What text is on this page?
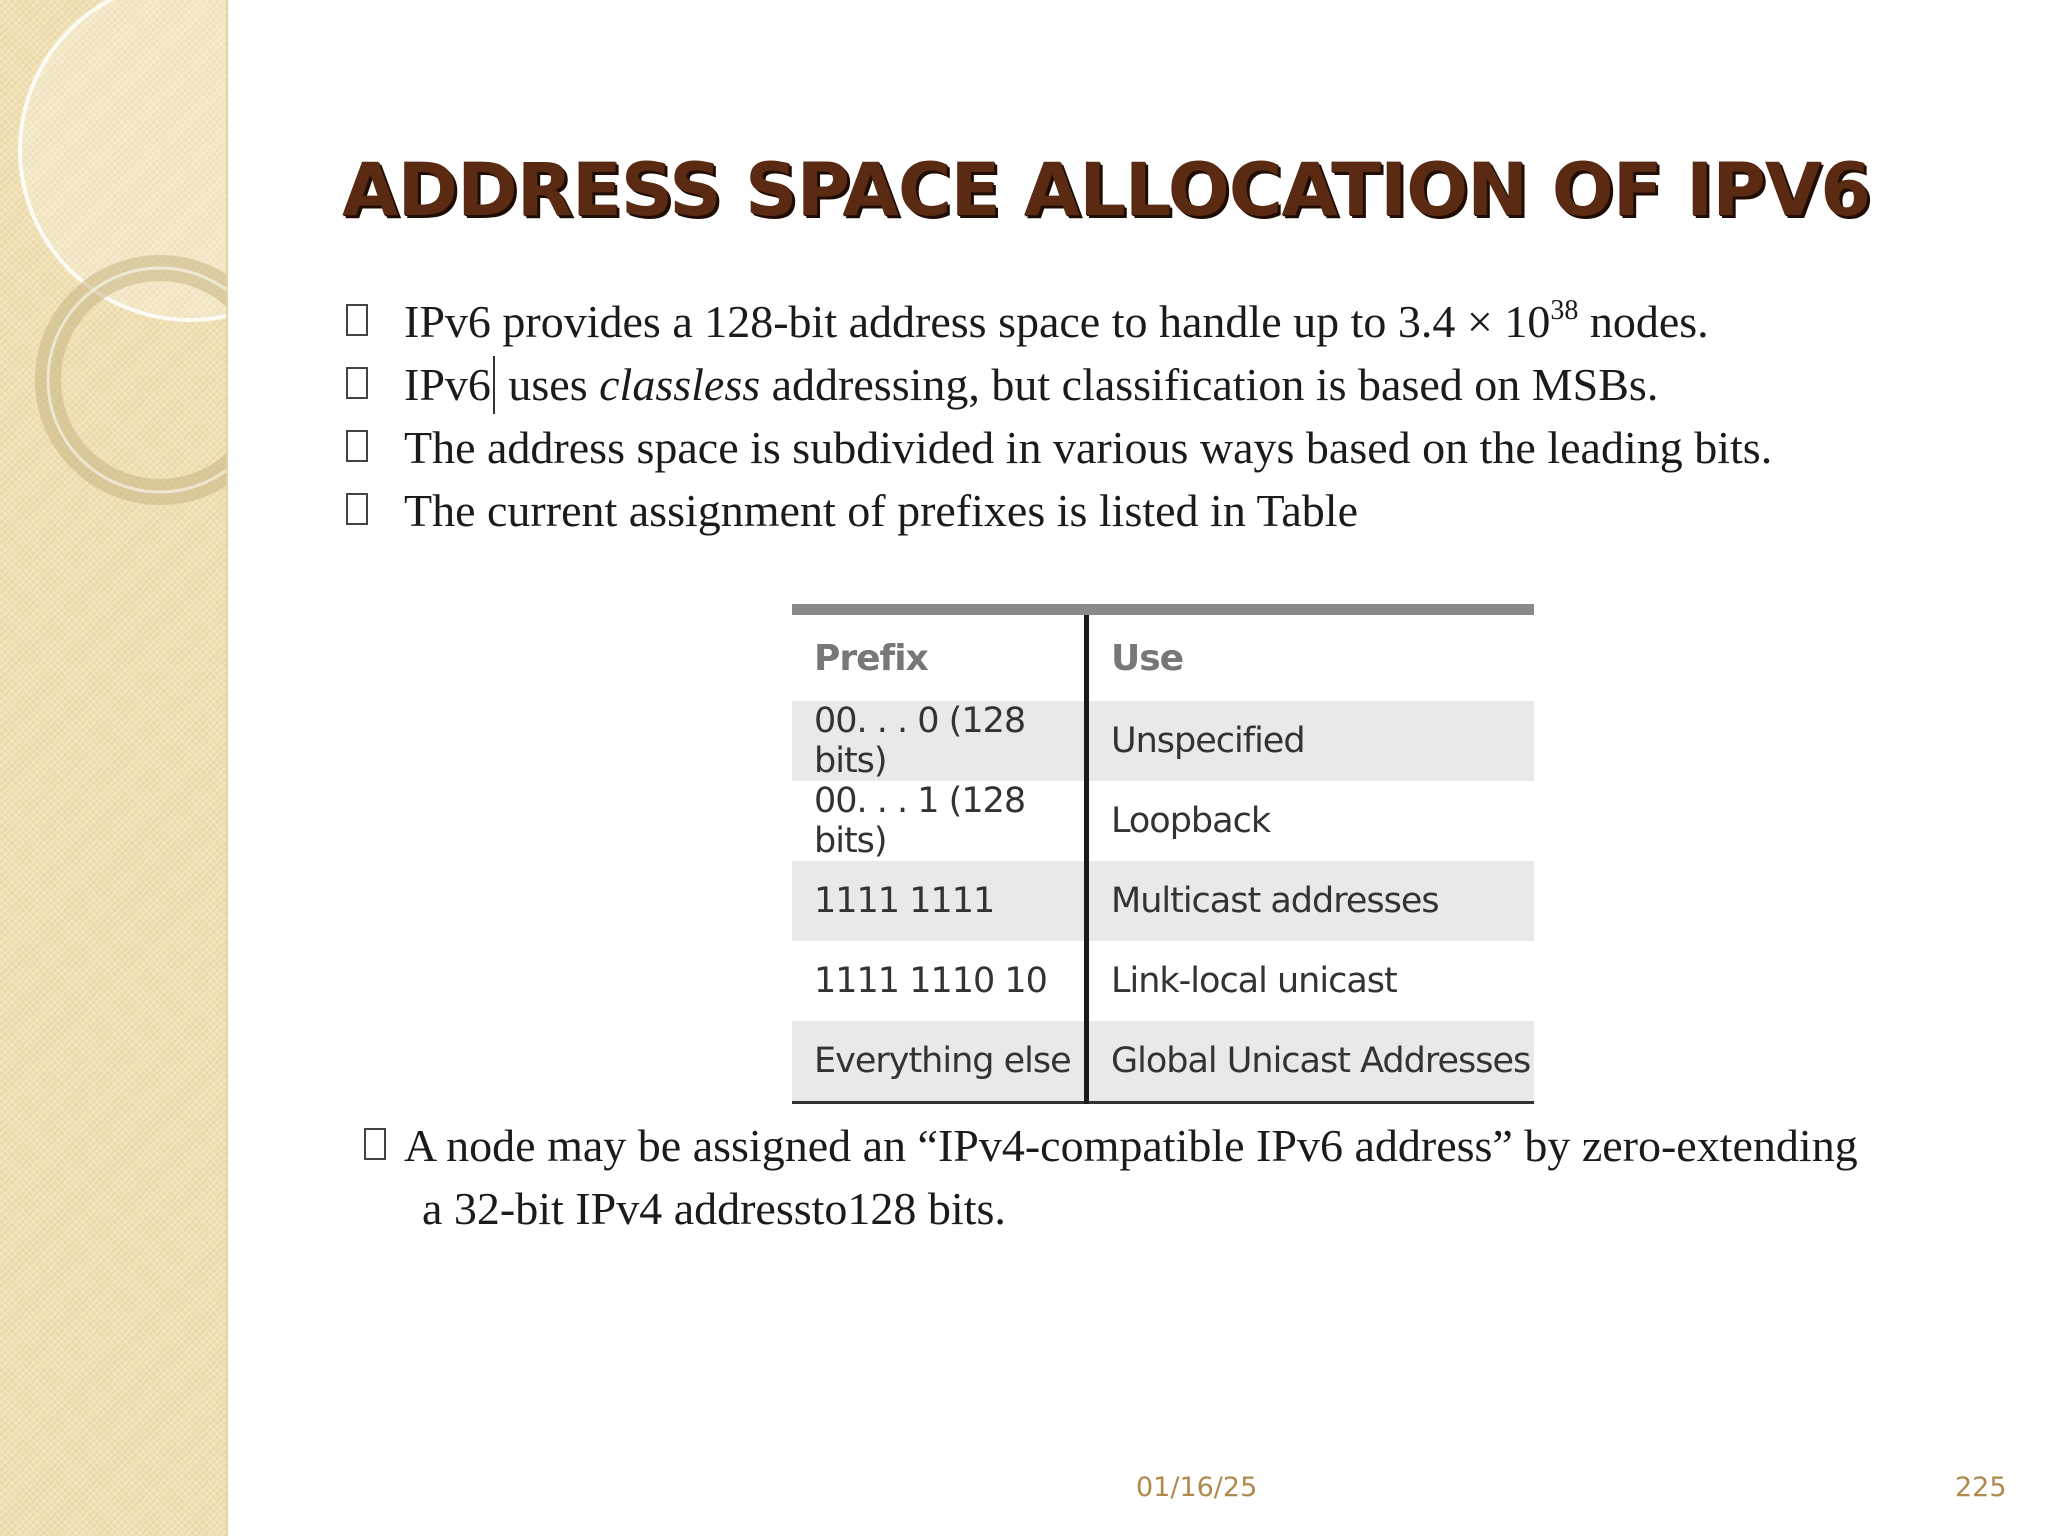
ADDRESS SPACE ALLOCATION OF IPV6
IPv6 provides a 128-bit address space to handle up to $3.4 \times 10^{38}$ nodes.
IPv6 uses classless addressing, but classification is based on MSBs.
The address space is subdivided in various ways based on the leading bits.
The current assignment of prefixes is listed in Table
Prefix	Use
00. . . 0 (128 bits)	Unspecified
00. . . 1 (128 bits)	Loopback
1111 1111	Multicast addresses
1111 1110 10	Link-local unicast
Everything else	Global Unicast Addresses
A node may be assigned an “IPv4-compatible IPv6 address” by zero-extending
a 32-bit IPv4 addressto128 bits.
01/16/25	225
